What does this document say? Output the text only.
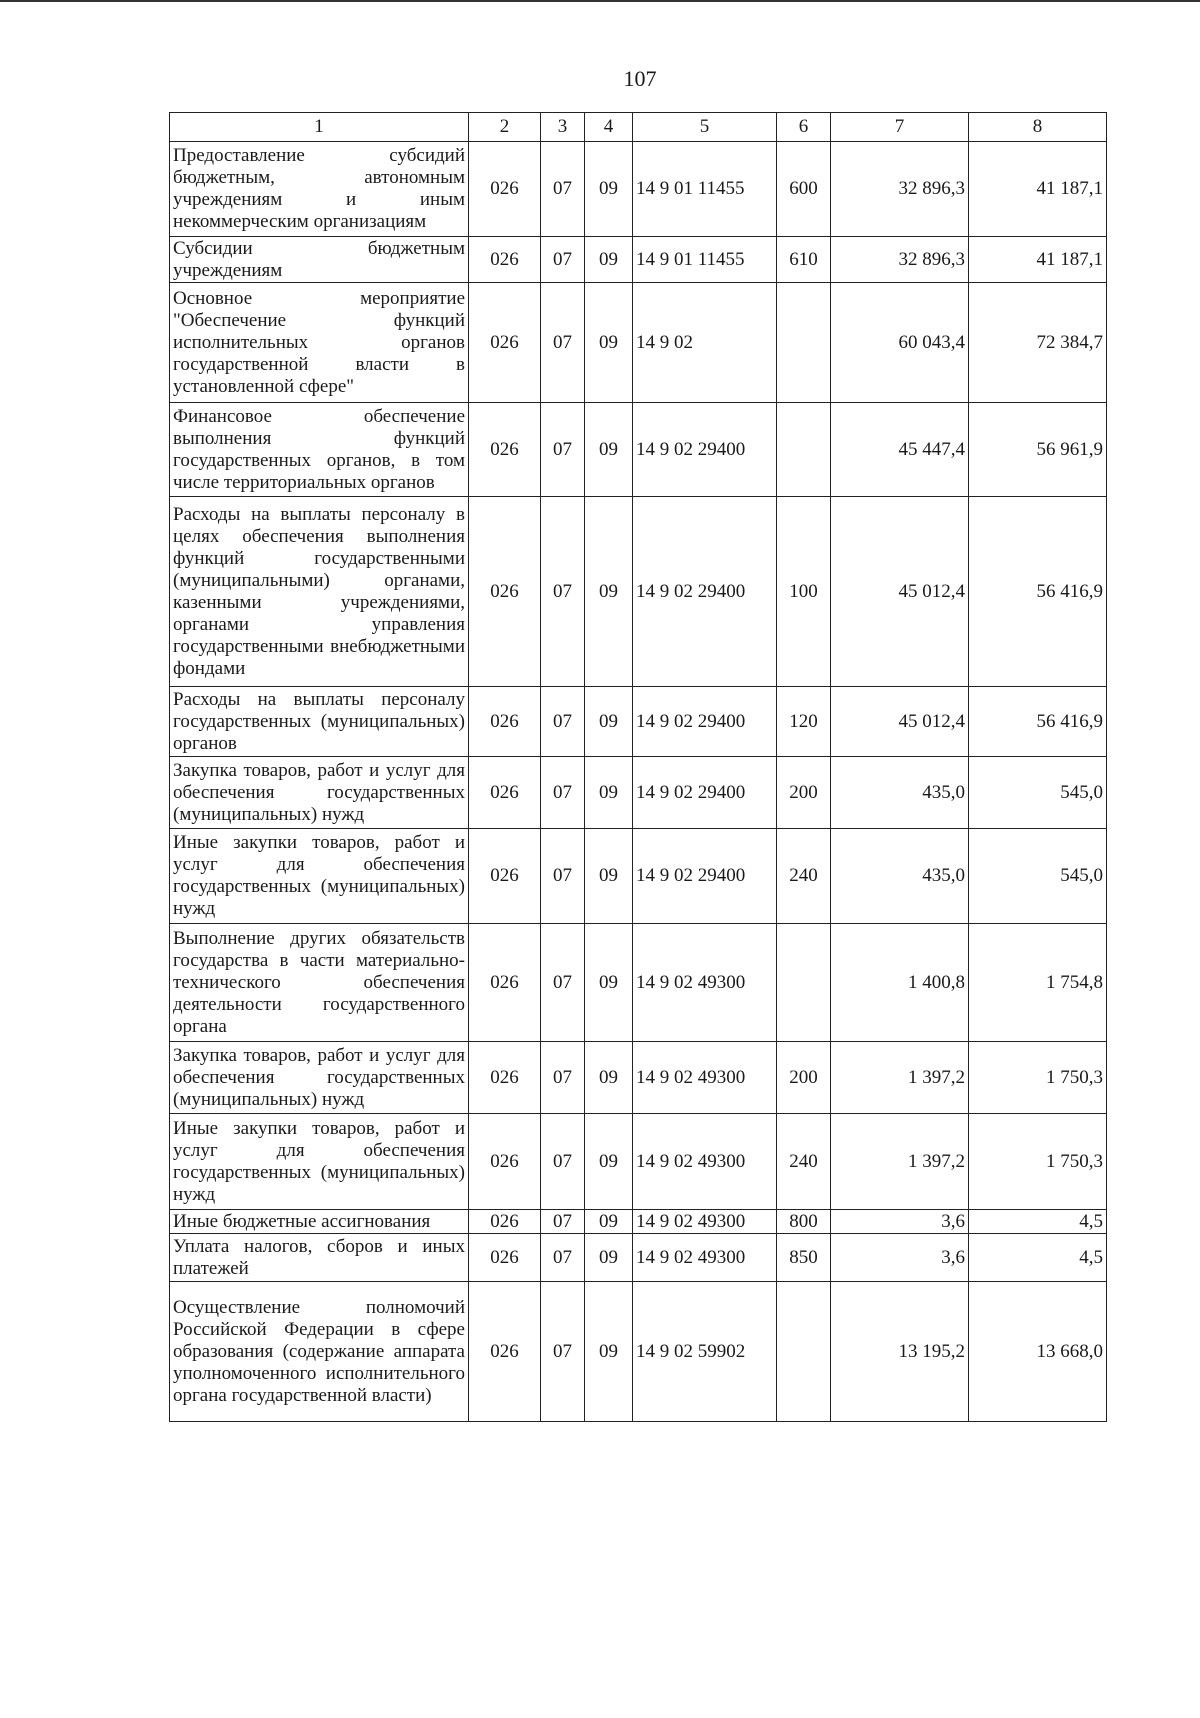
107
1	2	3	4	5	6	7	8
Предоставление субсидий бюджетным, автономным учреждениям и иным некоммерческим организациям	026	07	09	14 9 01 11455	600	32 896,3	41 187,1
Субсидии бюджетным учреждениям	026	07	09	14 9 01 11455	610	32 896,3	41 187,1
Основное мероприятие "Обеспечение функций исполнительных органов государственной власти в установленной сфере"	026	07	09	14 9 02		60 043,4	72 384,7
Финансовое обеспечение выполнения функций государственных органов, в том числе территориальных органов	026	07	09	14 9 02 29400		45 447,4	56 961,9
Расходы на выплаты персоналу в целях обеспечения выполнения функций государственными (муниципальными) органами, казенными учреждениями, органами управления государственными внебюджетными фондами	026	07	09	14 9 02 29400	100	45 012,4	56 416,9
Расходы на выплаты персоналу государственных (муниципальных) органов	026	07	09	14 9 02 29400	120	45 012,4	56 416,9
Закупка товаров, работ и услуг для обеспечения государственных (муниципальных) нужд	026	07	09	14 9 02 29400	200	435,0	545,0
Иные закупки товаров, работ и услуг для обеспечения государственных (муниципальных) нужд	026	07	09	14 9 02 29400	240	435,0	545,0
Выполнение других обязательств государства в части материально-технического обеспечения деятельности государственного органа	026	07	09	14 9 02 49300		1 400,8	1 754,8
Закупка товаров, работ и услуг для обеспечения государственных (муниципальных) нужд	026	07	09	14 9 02 49300	200	1 397,2	1 750,3
Иные закупки товаров, работ и услуг для обеспечения государственных (муниципальных) нужд	026	07	09	14 9 02 49300	240	1 397,2	1 750,3
Иные бюджетные ассигнования	026	07	09	14 9 02 49300	800	3,6	4,5
Уплата налогов, сборов и иных платежей	026	07	09	14 9 02 49300	850	3,6	4,5
Осуществление полномочий Российской Федерации в сфере образования (содержание аппарата уполномоченного исполнительного органа государственной власти)	026	07	09	14 9 02 59902		13 195,2	13 668,0
